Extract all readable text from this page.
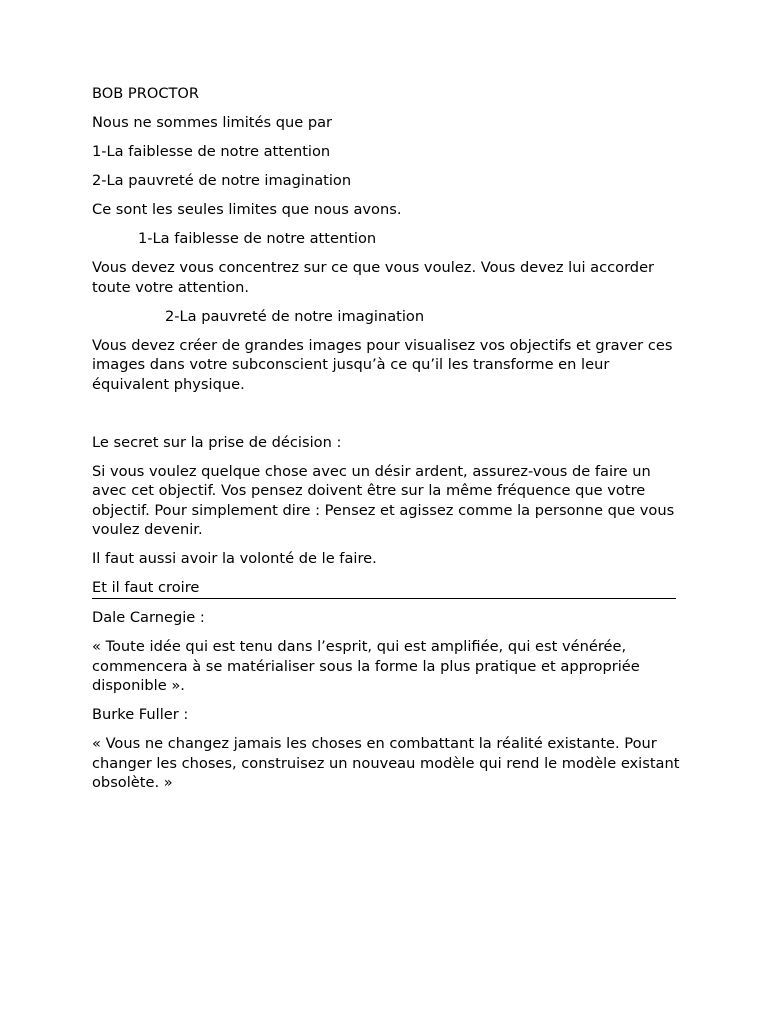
BOB PROCTOR

Nous ne sommes limités que par

1-La faiblesse de notre attention

2-La pauvreté de notre imagination

Ce sont les seules limites que nous avons.

1-La faiblesse de notre attention

Vous devez vous concentrez sur ce que vous voulez. Vous devez lui accorder toute votre attention.

2-La pauvreté de notre imagination

Vous devez créer de grandes images pour visualisez vos objectifs et graver ces images dans votre subconscient jusqu’à ce qu’il les transforme en leur équivalent physique.

Le secret sur la prise de décision :

Si vous voulez quelque chose avec un désir ardent, assurez-vous de faire un avec cet objectif. Vos pensez doivent être sur la même fréquence que votre objectif. Pour simplement dire : Pensez et agissez comme la personne que vous voulez devenir.

Il faut aussi avoir la volonté de le faire.

Et il faut croire

Dale Carnegie :

« Toute idée qui est tenu dans l’esprit, qui est amplifiée, qui est vénérée, commencera à se matérialiser sous la forme la plus pratique et appropriée disponible ».

Burke Fuller :

« Vous ne changez jamais les choses en combattant la réalité existante. Pour changer les choses, construisez un nouveau modèle qui rend le modèle existant obsolète. »
